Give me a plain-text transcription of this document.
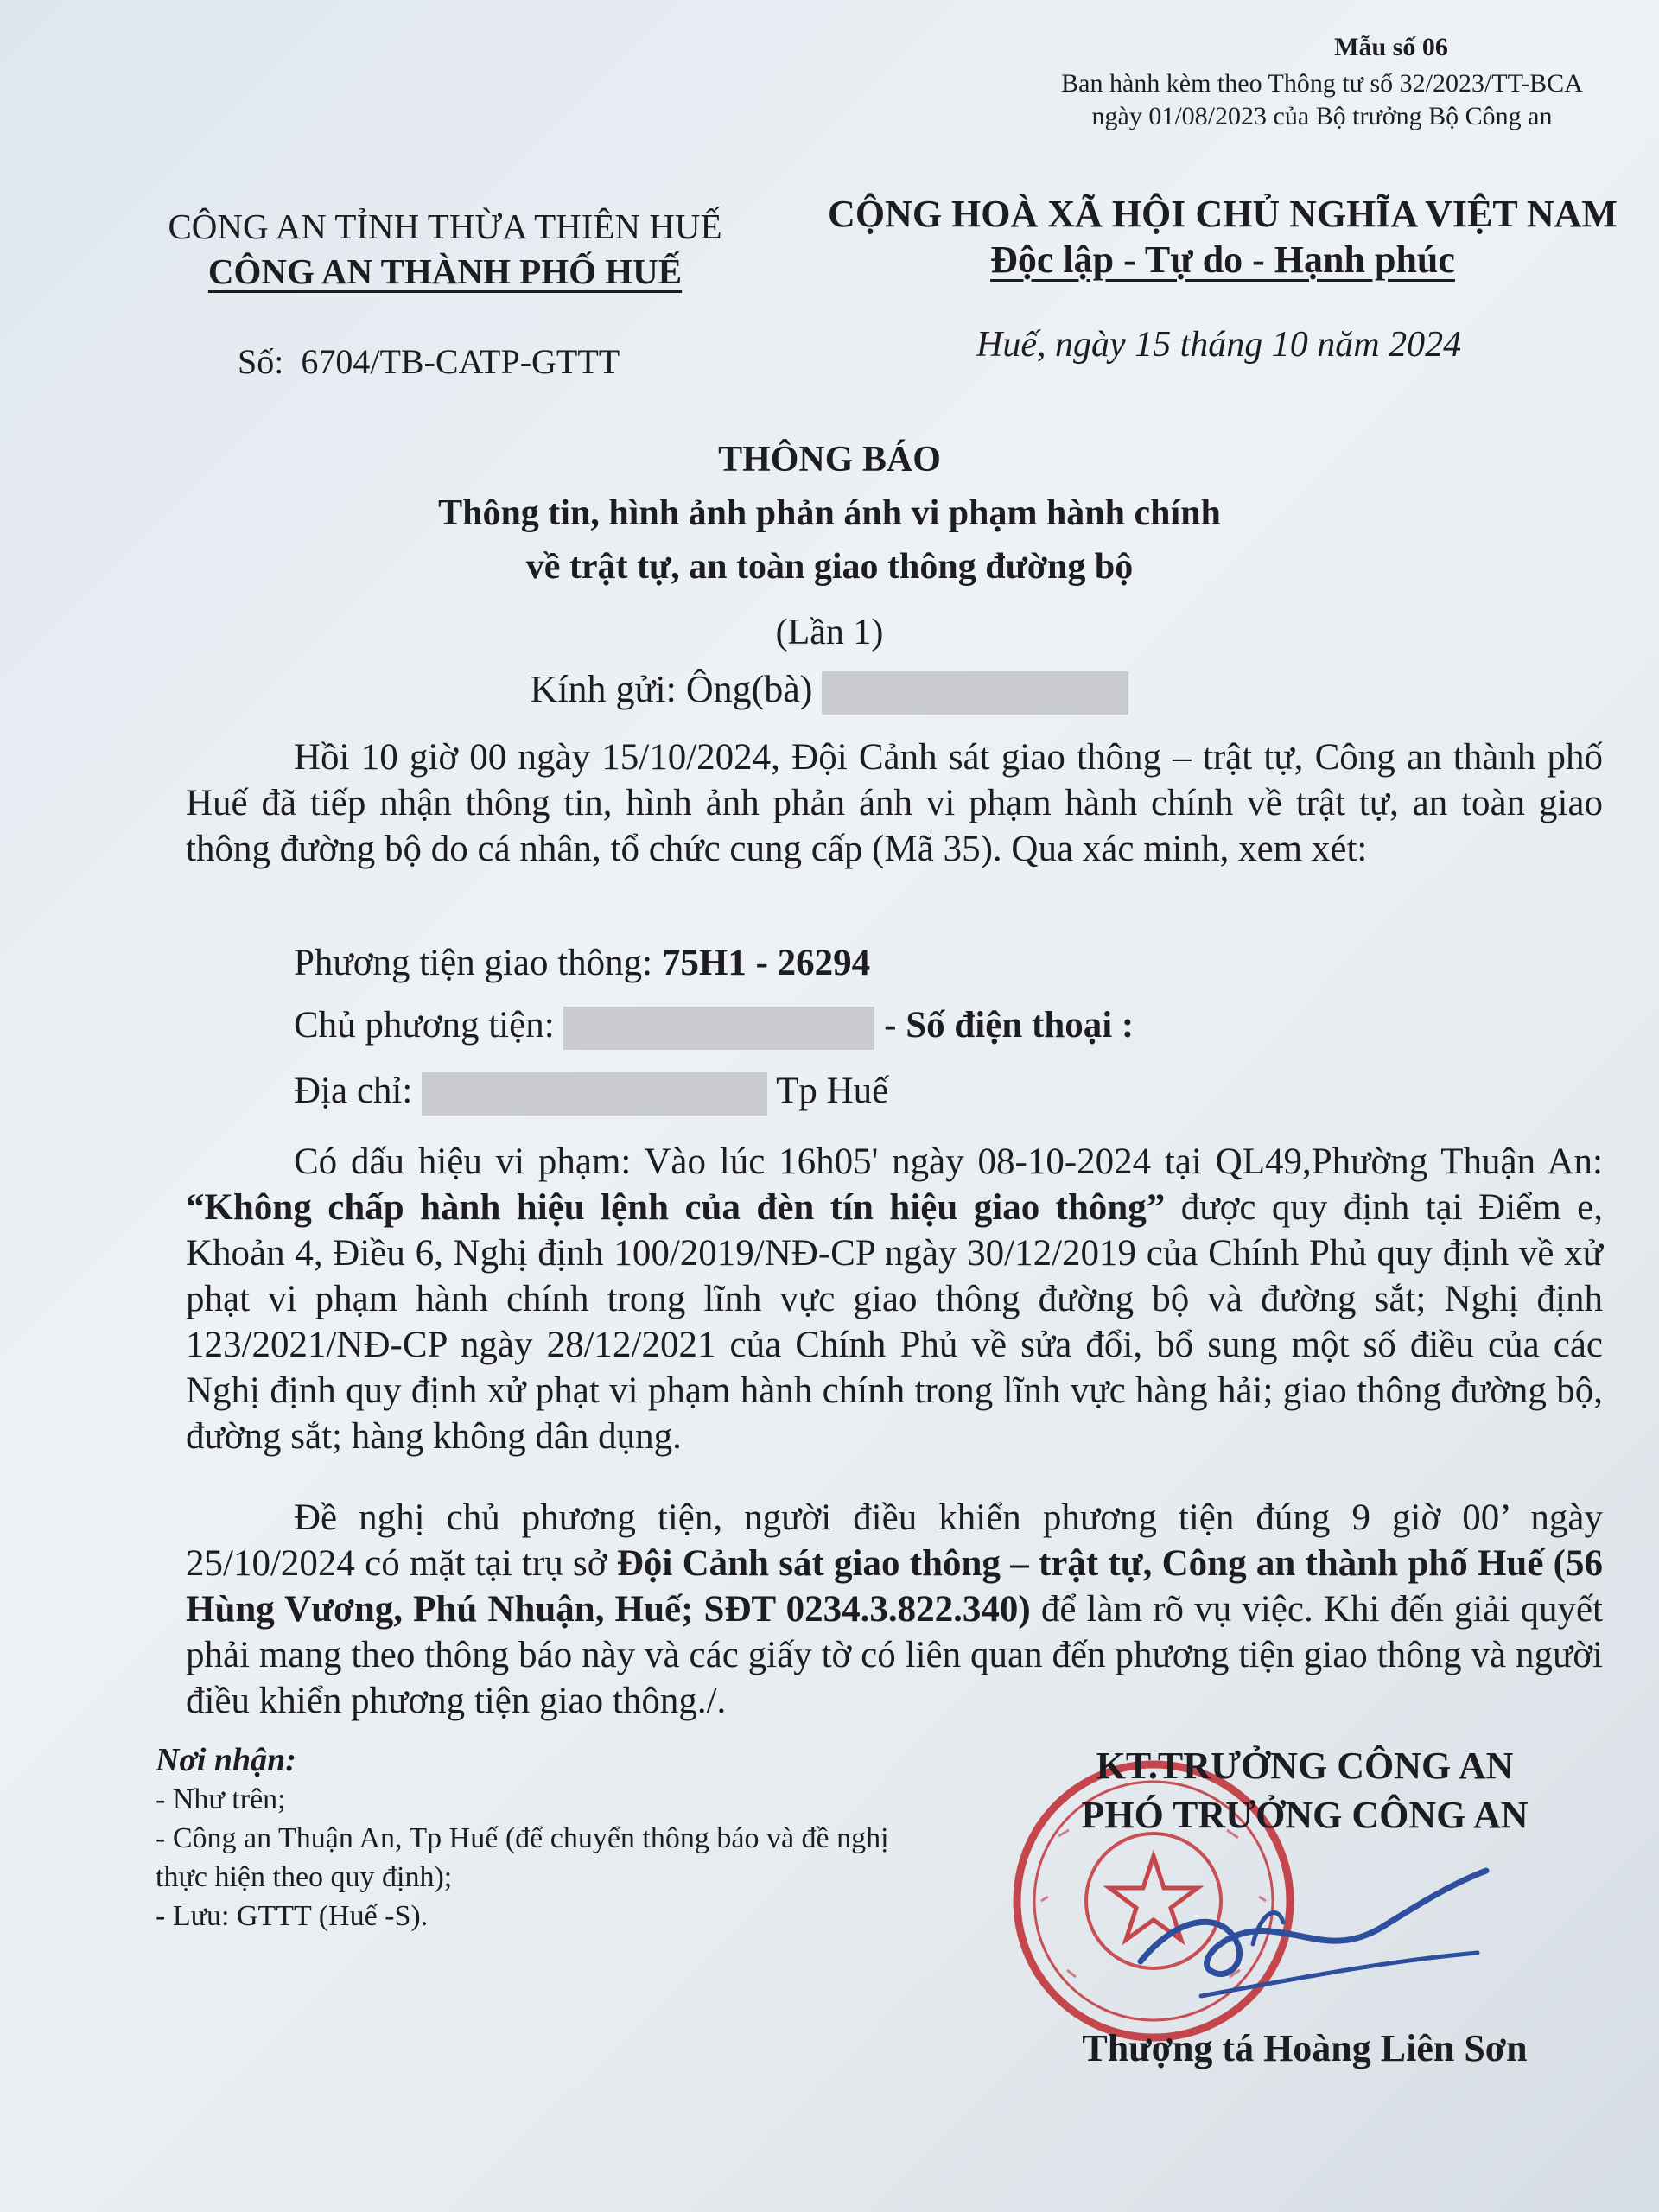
Mẫu số 06
Ban hành kèm theo Thông tư số 32/2023/TT-BCA
ngày 01/08/2023 của Bộ trưởng Bộ Công an
CÔNG AN TỈNH THỪA THIÊN HUẾ
CÔNG AN THÀNH PHỐ HUẾ
CỘNG HOÀ XÃ HỘI CHỦ NGHĨA VIỆT NAM
Độc lập - Tự do - Hạnh phúc
Số: 6704/TB-CATP-GTTT	Huế, ngày 15 tháng 10 năm 2024
THÔNG BÁO
Thông tin, hình ảnh phản ánh vi phạm hành chính
về trật tự, an toàn giao thông đường bộ
(Lần 1)
Kính gửi: Ông(bà)
Hồi 10 giờ 00 ngày 15/10/2024, Đội Cảnh sát giao thông – trật tự, Công an thành phố Huế đã tiếp nhận thông tin, hình ảnh phản ánh vi phạm hành chính về trật tự, an toàn giao thông đường bộ do cá nhân, tổ chức cung cấp (Mã 35). Qua xác minh, xem xét:
Phương tiện giao thông: 75H1 - 26294
Chủ phương tiện:	- Số điện thoại :
Địa chỉ:	Tp Huế
Có dấu hiệu vi phạm: Vào lúc 16h05' ngày 08-10-2024 tại QL49,Phường Thuận An: “Không chấp hành hiệu lệnh của đèn tín hiệu giao thông” được quy định tại Điểm e, Khoản 4, Điều 6, Nghị định 100/2019/NĐ-CP ngày 30/12/2019 của Chính Phủ quy định về xử phạt vi phạm hành chính trong lĩnh vực giao thông đường bộ và đường sắt; Nghị định 123/2021/NĐ-CP ngày 28/12/2021 của Chính Phủ về sửa đổi, bổ sung một số điều của các Nghị định quy định xử phạt vi phạm hành chính trong lĩnh vực hàng hải; giao thông đường bộ, đường sắt; hàng không dân dụng.
Đề nghị chủ phương tiện, người điều khiển phương tiện đúng 9 giờ 00’ ngày 25/10/2024 có mặt tại trụ sở Đội Cảnh sát giao thông – trật tự, Công an thành phố Huế (56 Hùng Vương, Phú Nhuận, Huế; SĐT 0234.3.822.340) để làm rõ vụ việc. Khi đến giải quyết phải mang theo thông báo này và các giấy tờ có liên quan đến phương tiện giao thông và người điều khiển phương tiện giao thông./.
Nơi nhận:
- Như trên;
- Công an Thuận An, Tp Huế (để chuyển thông báo và đề nghị thực hiện theo quy định);
- Lưu: GTTT (Huế -S).
KT.TRƯỞNG CÔNG AN
PHÓ TRƯỞNG CÔNG AN
Thượng tá Hoàng Liên Sơn
